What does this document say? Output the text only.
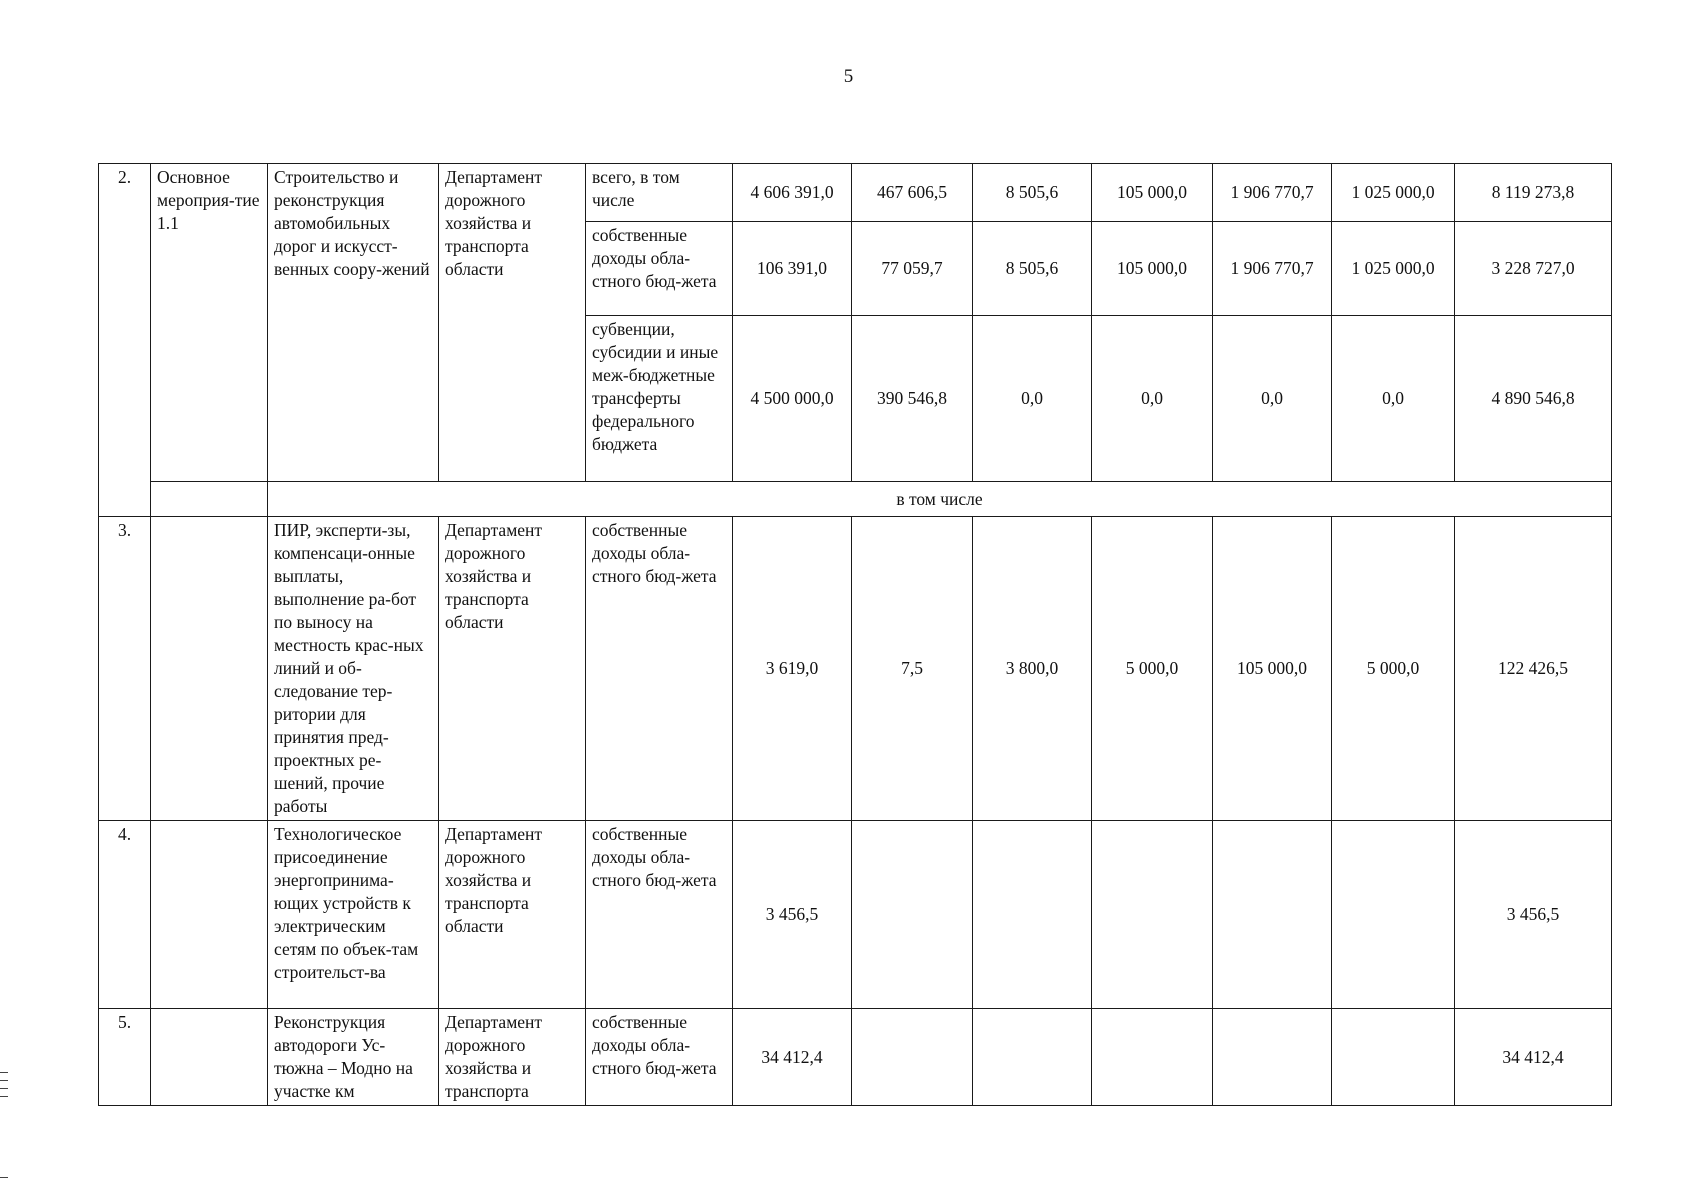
5
2.	Основное мероприя-тие 1.1	Строительство и реконструкция автомобильных дорог и искусст-венных соору-жений	Департамент дорожного хозяйства и транспорта области	всего, в том числе	4 606 391,0	467 606,5	8 505,6	105 000,0	1 906 770,7	1 025 000,0	8 119 273,8
				собственные доходы обла-стного бюд-жета	106 391,0	77 059,7	8 505,6	105 000,0	1 906 770,7	1 025 000,0	3 228 727,0
				субвенции, субсидии и иные меж-бюджетные трансферты федерального бюджета	4 500 000,0	390 546,8	0,0	0,0	0,0	0,0	4 890 546,8
		в том числе									
3.		ПИР, эксперти-зы, компенсаци-онные выплаты, выполнение ра-бот по выносу на местность крас-ных линий и об-следование тер-ритории для принятия пред-проектных ре-шений, прочие работы	Департамент дорожного хозяйства и транспорта области	собственные доходы обла-стного бюд-жета	3 619,0	7,5	3 800,0	5 000,0	105 000,0	5 000,0	122 426,5
4.		Технологическое присоединение энергопринима-ющих устройств к электрическим сетям по объек-там строительст-ва	Департамент дорожного хозяйства и транспорта области	собственные доходы обла-стного бюд-жета	3 456,5						3 456,5
5.		Реконструкция автодороги Ус-тюжна – Модно на участке км	Департамент дорожного хозяйства и транспорта	собственные доходы обла-стного бюд-жета	34 412,4						34 412,4
